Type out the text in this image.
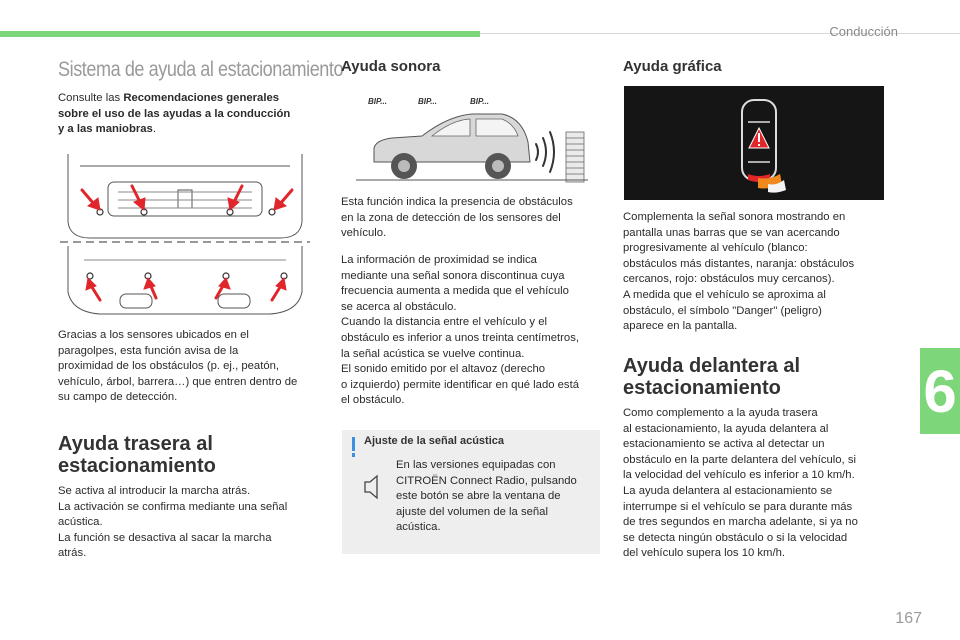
Conducción
6
167
Sistema de ayuda al estacionamiento
Consulte las Recomendaciones generales
sobre el uso de las ayudas a la conducción
y a las maniobras.
Gracias a los sensores ubicados en el
paragolpes, esta función avisa de la
proximidad de los obstáculos (p. ej., peatón,
vehículo, árbol, barrera…) que entren dentro de
su campo de detección.
Ayuda trasera al
estacionamiento
Se activa al introducir la marcha atrás.
La activación se confirma mediante una señal
acústica.
La función se desactiva al sacar la marcha
atrás.
Ayuda sonora
BIP...	BIP...	BIP...
Esta función indica la presencia de obstáculos
en la zona de detección de los sensores del
vehículo.
La información de proximidad se indica
mediante una señal sonora discontinua cuya
frecuencia aumenta a medida que el vehículo
se acerca al obstáculo.
Cuando la distancia entre el vehículo y el
obstáculo es inferior a unos treinta centímetros,
la señal acústica se vuelve continua.
El sonido emitido por el altavoz (derecho
o izquierdo) permite identificar en qué lado está
el obstáculo.
Ajuste de la señal acústica
En las versiones equipadas con
CITROËN Connect Radio, pulsando
este botón se abre la ventana de
ajuste del volumen de la señal
acústica.
Ayuda gráfica
Complementa la señal sonora mostrando en
pantalla unas barras que se van acercando
progresivamente al vehículo (blanco:
obstáculos más distantes, naranja: obstáculos
cercanos, rojo: obstáculos muy cercanos).
A medida que el vehículo se aproxima al
obstáculo, el símbolo "Danger" (peligro)
aparece en la pantalla.
Ayuda delantera al
estacionamiento
Como complemento a la ayuda trasera
al estacionamiento, la ayuda delantera al
estacionamiento se activa al detectar un
obstáculo en la parte delantera del vehículo, si
la velocidad del vehículo es inferior a 10 km/h.
La ayuda delantera al estacionamiento se
interrumpe si el vehículo se para durante más
de tres segundos en marcha adelante, si ya no
se detecta ningún obstáculo o si la velocidad
del vehículo supera los 10 km/h.
